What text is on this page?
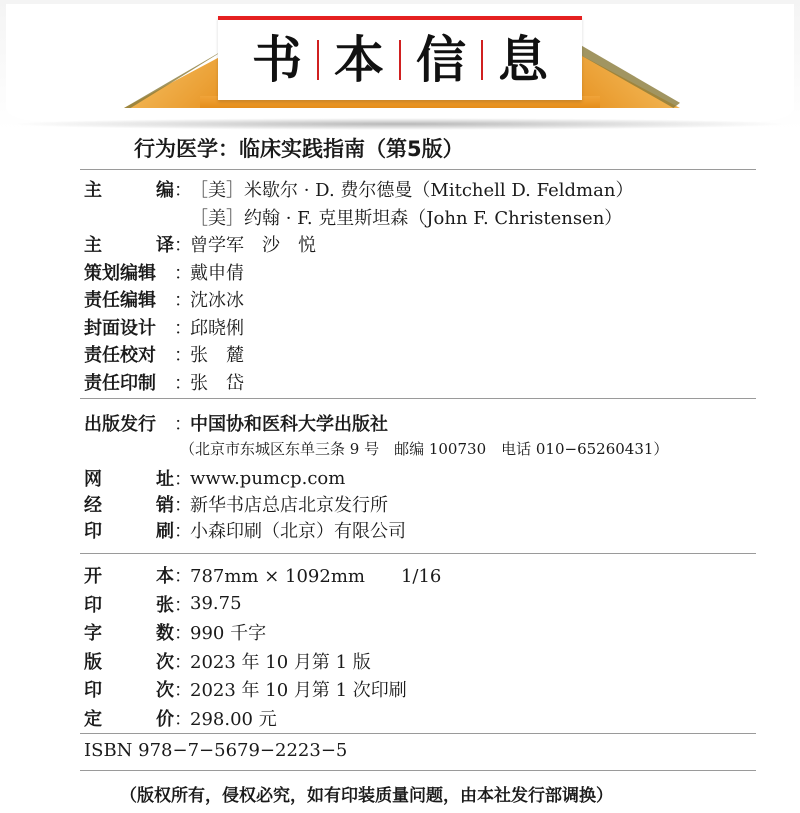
书 本 信 息
行为医学：临床实践指南（第5版）
主	编 ：
［美］米歇尔 · D. 费尔德曼（Mitchell D. Feldman）
［美］约翰 · F. 克里斯坦森（John F. Christensen）
主	译 ：
曾学军　沙　悦
策划编辑 ：
戴申倩
责任编辑 ：
沈冰冰
封面设计 ：
邱晓俐
责任校对 ：
张　麓
责任印制 ：
张　岱
出版发行 ：
中国协和医科大学出版社
（北京市东城区东单三条 9 号　邮编 100730　电话 010−65260431）
网	址 ：
www.pumcp.com
经	销 ：
新华书店总店北京发行所
印	刷 ：
小森印刷（北京）有限公司
开	本 ：
787mm × 1092mm　　1/16
印	张 ：
39.75
字	数 ：
990 千字
版	次 ：
2023 年 10 月第 1 版
印	次 ：
2023 年 10 月第 1 次印刷
定	价 ：
298.00 元
ISBN 978−7−5679−2223−5
（版权所有，侵权必究，如有印装质量问题，由本社发行部调换）
